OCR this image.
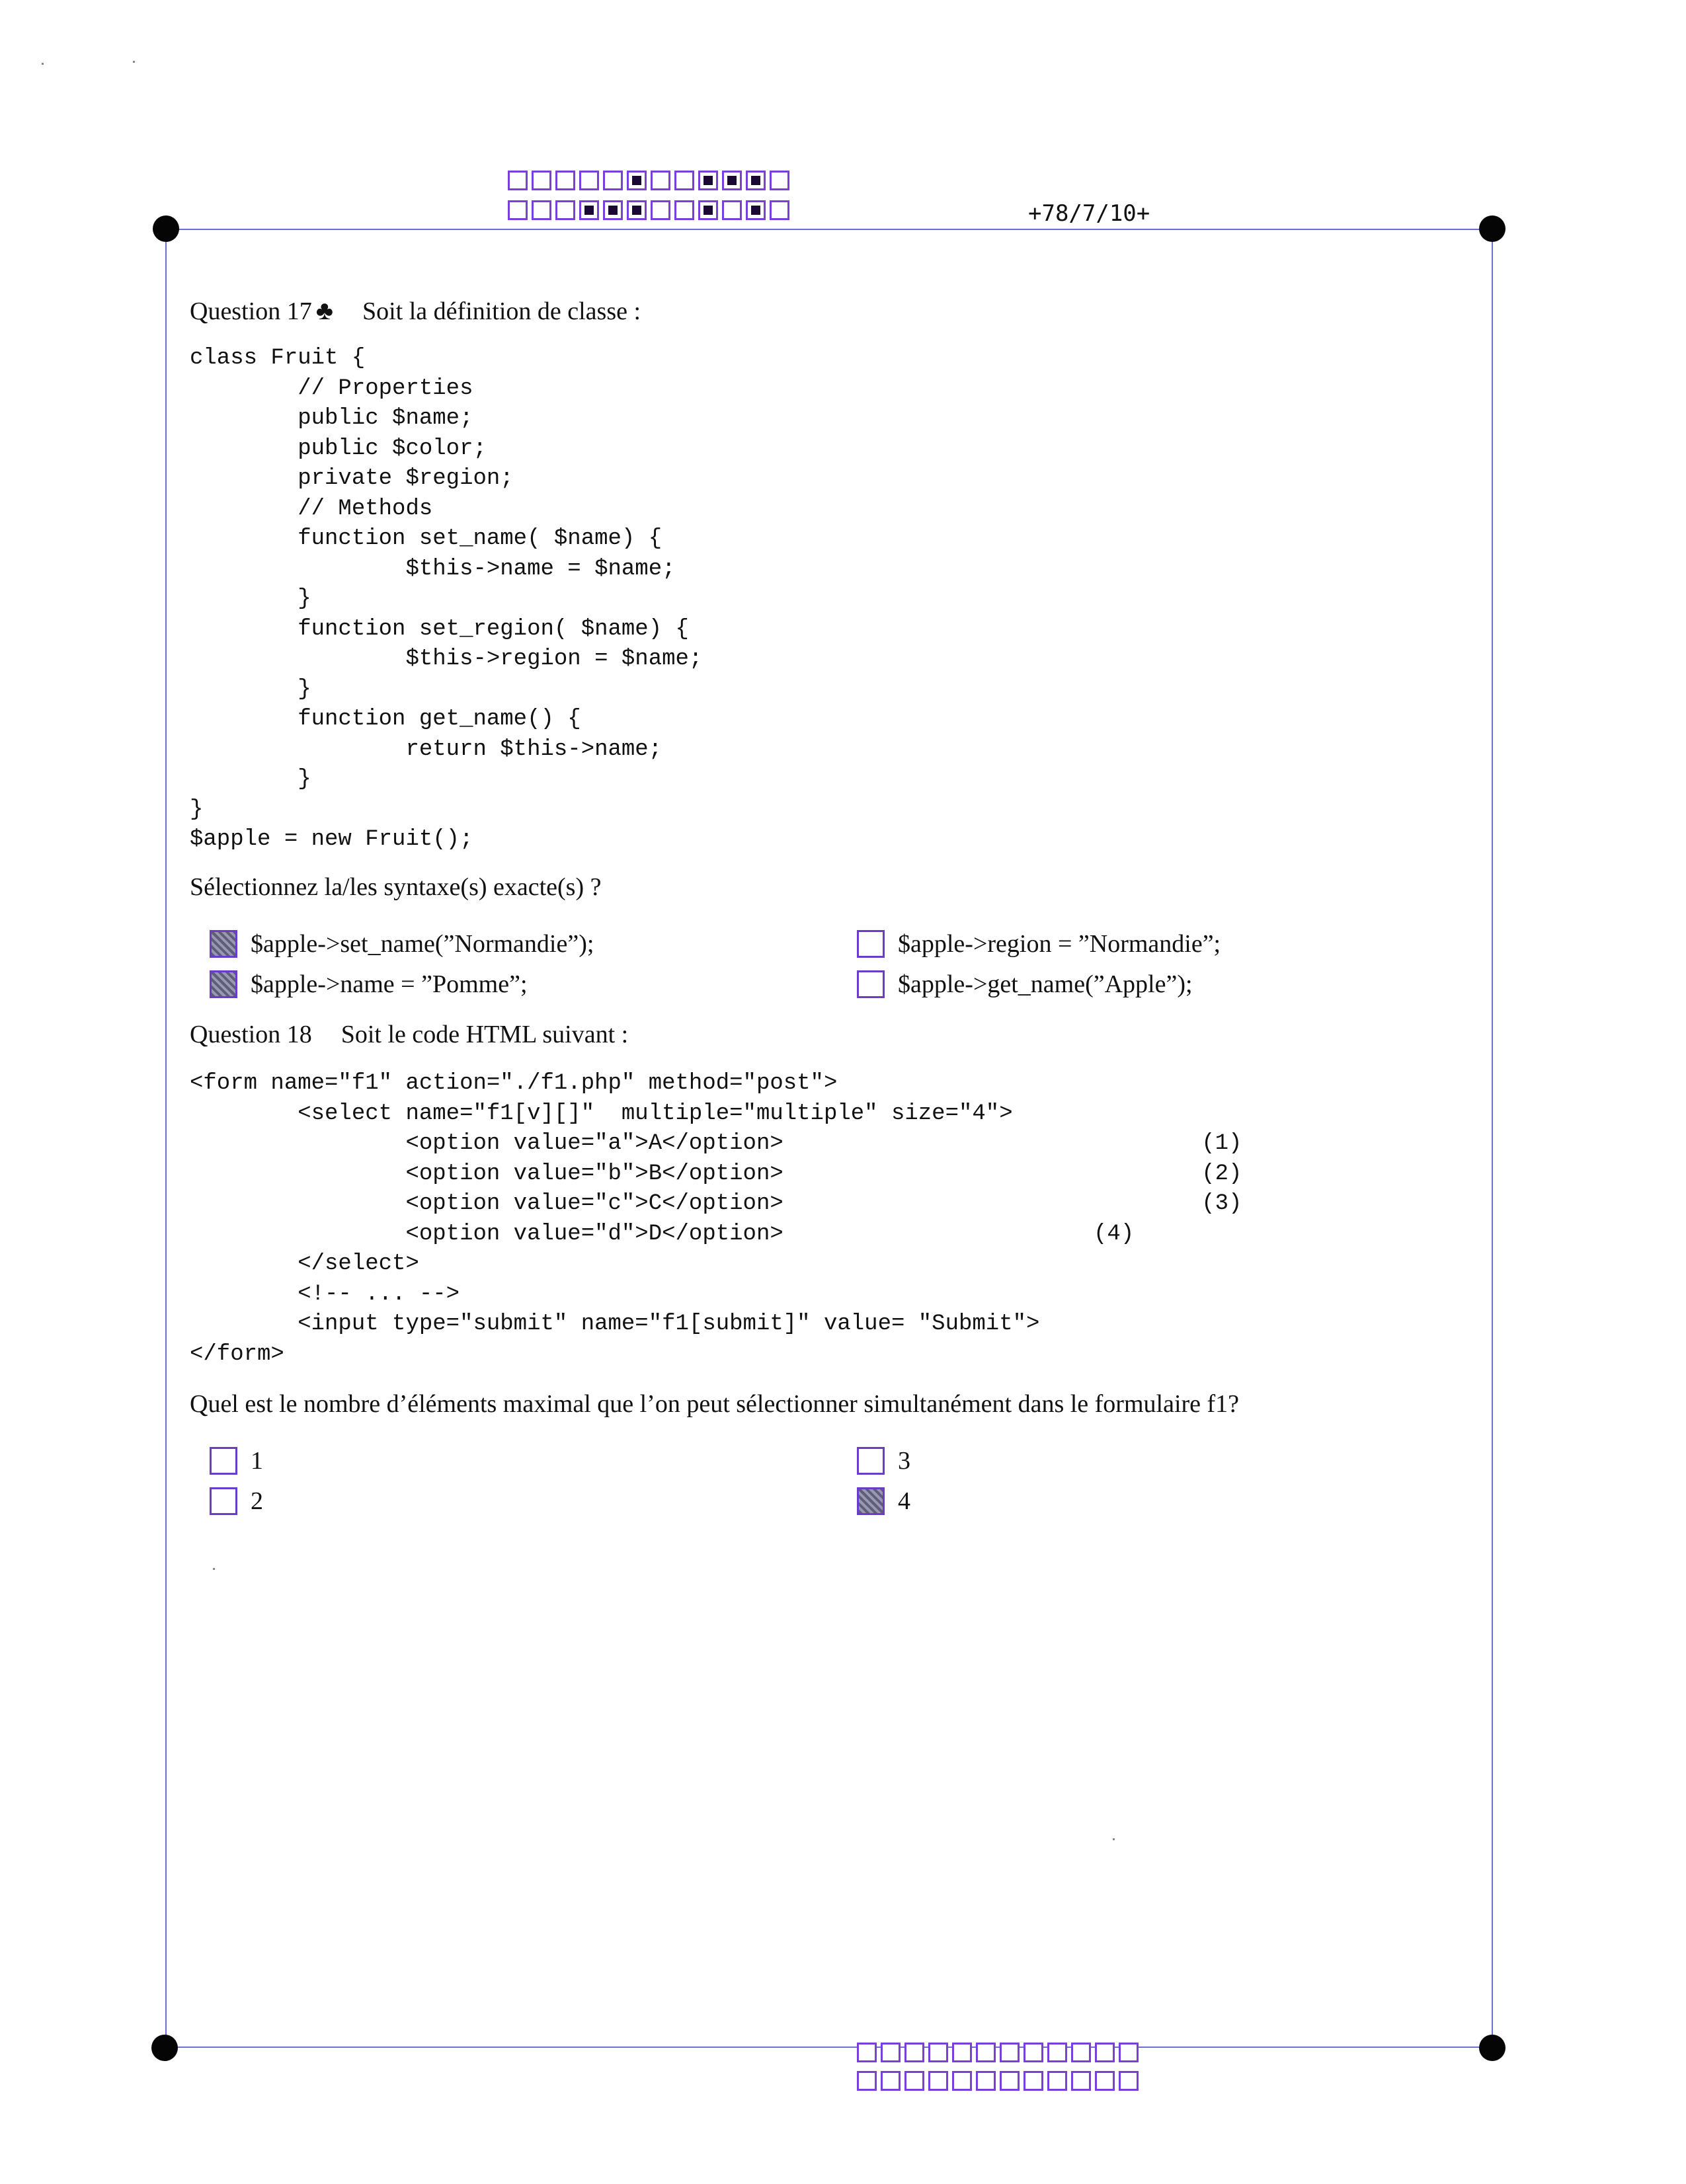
+78/7/10+
Question 17 ♣ Soit la définition de classe :
class Fruit {
// Properties
public $name;
public $color;
private $region;
// Methods
function set_name( $name) {
$this->name = $name;
}
function set_region( $name) {
$this->region = $name;
}
function get_name() {
return $this->name;
}
}
$apple = new Fruit();
Sélectionnez la/les syntaxe(s) exacte(s) ?
$apple->set_name(”Normandie”);
$apple->name = ”Pomme”;
$apple->region = ”Normandie”;
$apple->get_name(”Apple”);
Question 18 Soit le code HTML suivant :
<form name="f1" action="./f1.php" method="post">
<select name="f1[v][]"  multiple="multiple" size="4">
<option value="a">A</option>                               (1)
<option value="b">B</option>                               (2)
<option value="c">C</option>                               (3)
<option value="d">D</option>                       (4)
</select>
<!-- ... -->
<input type="submit" name="f1[submit]" value= "Submit">
</form>
Quel est le nombre d’éléments maximal que l’on peut sélectionner simultanément dans le formulaire f1?
1
2
3
4
